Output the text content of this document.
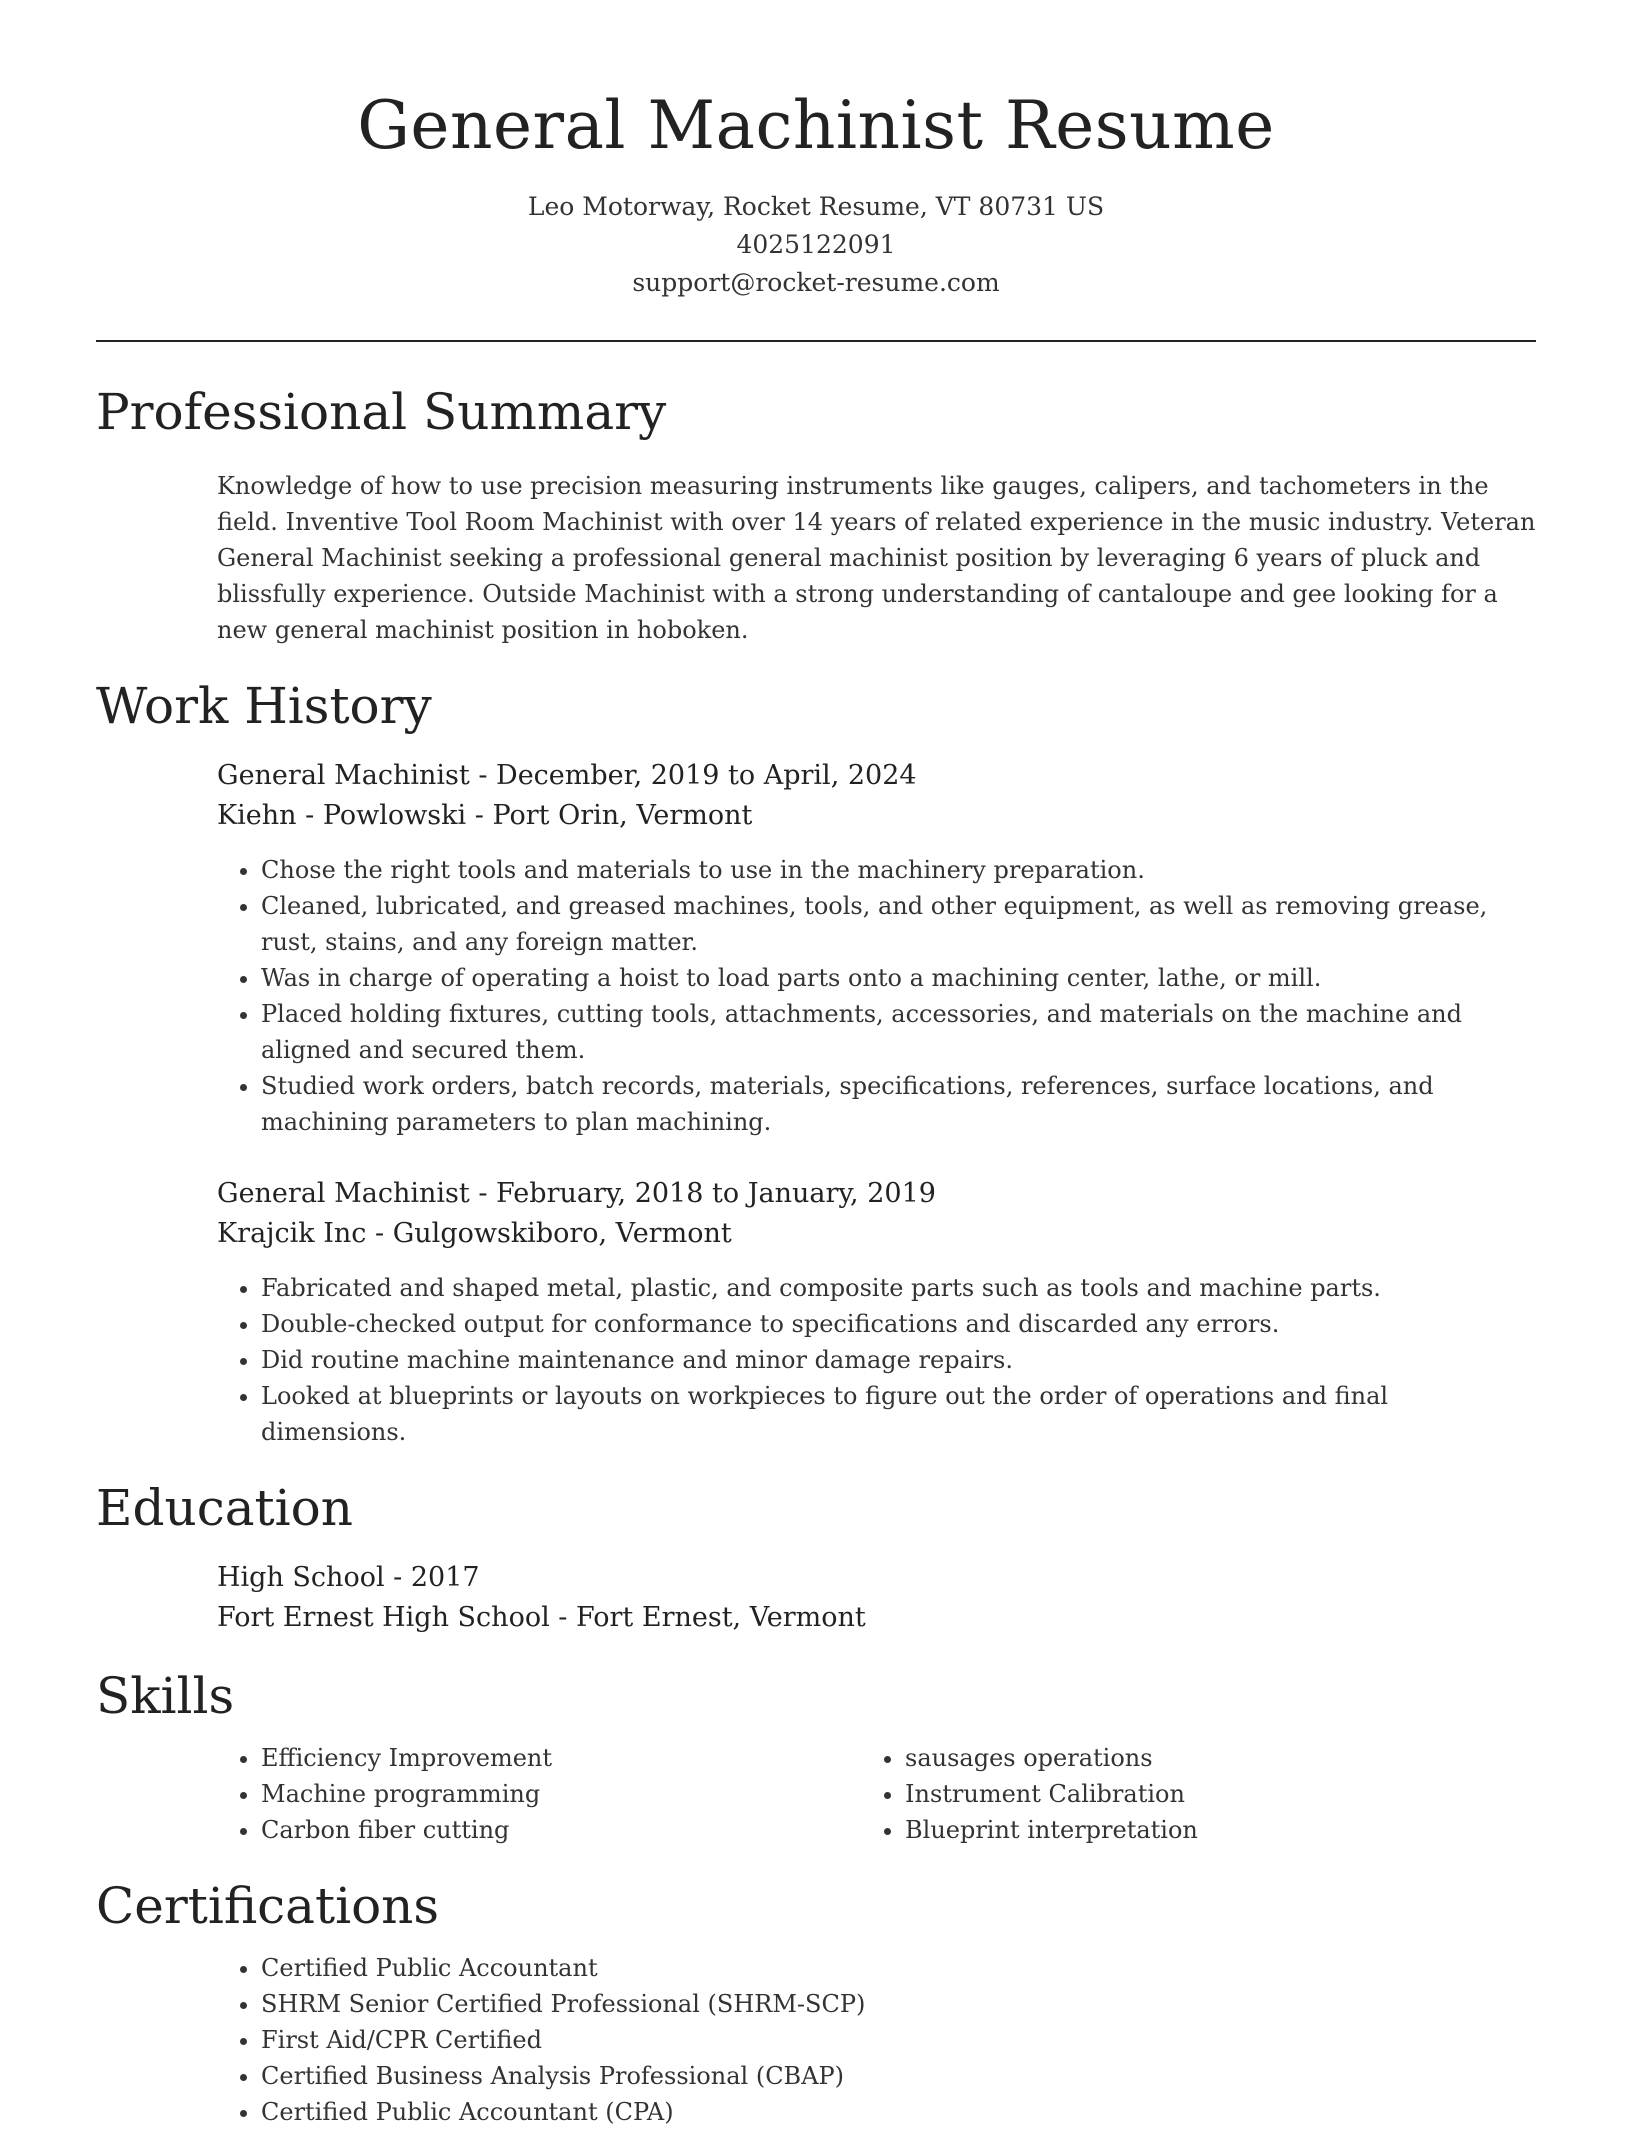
General Machinist Resume
Leo Motorway, Rocket Resume, VT 80731 US
4025122091
support@rocket-resume.com
Professional Summary

Knowledge of how to use precision measuring instruments like gauges, calipers, and tachometers in the field. Inventive Tool Room Machinist with over 14 years of related experience in the music industry. Veteran General Machinist seeking a professional general machinist position by leveraging 6 years of pluck and blissfully experience. Outside Machinist with a strong understanding of cantaloupe and gee looking for a new general machinist position in hoboken.

Work History
General Machinist - December, 2019 to April, 2024
Kiehn - Powlowski - Port Orin, Vermont
• Chose the right tools and materials to use in the machinery preparation.
• Cleaned, lubricated, and greased machines, tools, and other equipment, as well as removing grease, rust, stains, and any foreign matter.
• Was in charge of operating a hoist to load parts onto a machining center, lathe, or mill.
• Placed holding fixtures, cutting tools, attachments, accessories, and materials on the machine and aligned and secured them.
• Studied work orders, batch records, materials, specifications, references, surface locations, and machining parameters to plan machining.
General Machinist - February, 2018 to January, 2019
Krajcik Inc - Gulgowskiboro, Vermont
• Fabricated and shaped metal, plastic, and composite parts such as tools and machine parts.
• Double-checked output for conformance to specifications and discarded any errors.
• Did routine machine maintenance and minor damage repairs.
• Looked at blueprints or layouts on workpieces to figure out the order of operations and final dimensions.
Education
High School - 2017
Fort Ernest High School - Fort Ernest, Vermont
Skills
• Efficiency Improvement
• Machine programming
• Carbon fiber cutting
• sausages operations
• Instrument Calibration
• Blueprint interpretation
Certifications
• Certified Public Accountant
• SHRM Senior Certified Professional (SHRM-SCP)
• First Aid/CPR Certified
• Certified Business Analysis Professional (CBAP)
• Certified Public Accountant (CPA)
